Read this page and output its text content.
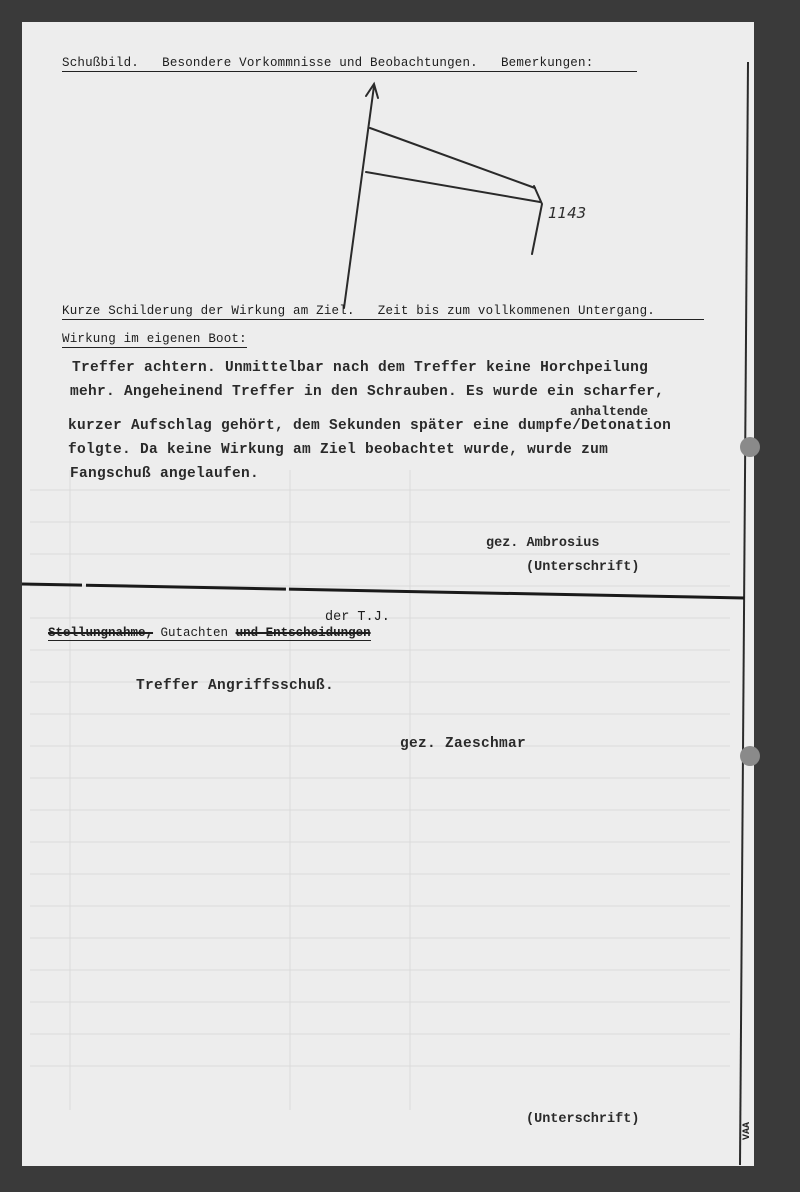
Schußbild. Besondere Vorkommnisse und Beobachtungen. Bemerkungen:
1143
Kurze Schilderung der Wirkung am Ziel. Zeit bis zum vollkommenen Untergang.
Wirkung im eigenen Boot:
Treffer achtern. Unmittelbar nach dem Treffer keine Horchpeilung
mehr. Angeheinend Treffer in den Schrauben. Es wurde ein scharfer,
anhaltende
kurzer Aufschlag gehört, dem Sekunden später eine dumpfe/Detonation
folgte. Da keine Wirkung am Ziel beobachtet wurde, wurde zum
Fangschuß angelaufen.
gez. Ambrosius
(Unterschrift)
der T.J.
Stellungnahme, Gutachten und Entscheidungen
Treffer Angriffsschuß.
gez. Zaeschmar
(Unterschrift)
VAA
